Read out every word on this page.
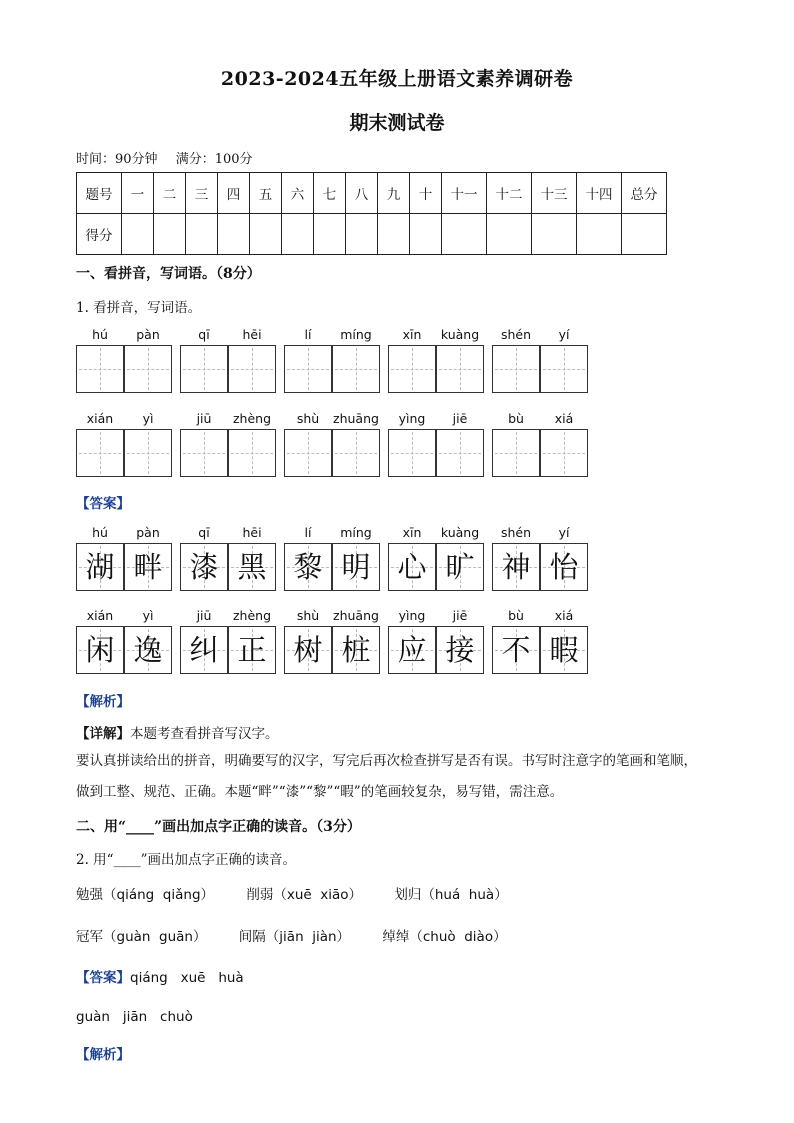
2023-2024五年级上册语文素养调研卷
期末测试卷
时间：90分钟 满分：100分
题号	一	二	三	四	五	六	七	八	九	十	十一	十二	十三	十四	总分
得分															
一、看拼音，写词语。（8分）
1. 看拼音，写词语。
hú	pàn	qī	hēi	lí	míng	xīn	kuàng	shén	yí
xián	yì	jiū	zhèng	shù	zhuāng	yìng	jiē	bù	xiá
【答案】
hú	pàn	qī	hēi	lí	míng	xīn	kuàng	shén	yí
湖 畔 漆 黑 黎 明 心 旷 神 怡
xián	yì	jiū	zhèng	shù	zhuāng	yìng	jiē	bù	xiá
闲 逸 纠 正 树 桩 应 接 不 暇
【解析】
【详解】本题考查看拼音写汉字。
要认真拼读给出的拼音，明确要写的汉字，写完后再次检查拼写是否有误。书写时注意字的笔画和笔顺，做到工整、规范、正确。本题“畔”“漆”“黎”“暇”的笔画较复杂，易写错，需注意。
二、用“____”画出加点字正确的读音。（3分）
2. 用“____”画出加点字正确的读音。
勉强（qiáng  qiǎng） 削弱（xuē  xiāo） 划归（huá  huà）
冠军（guàn  guān） 间隔（jiān  jiàn） 绰绰（chuò  diào）
【答案】qiáng   xuē   huà
guàn   jiān   chuò
【解析】
